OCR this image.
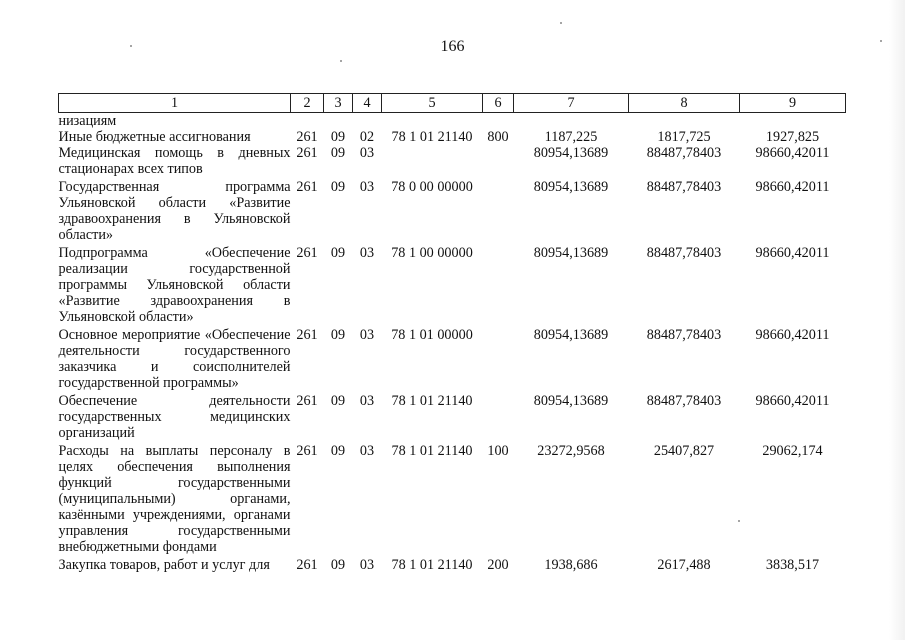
166
1	2	3	4	5	6	7	8	9
низациям								
Иные бюджетные ассигнования	261	09	02	78 1 01 21140	800	1187,225	1817,725	1927,825
Медицинская помощь в дневных стационарах всех типов	261	09	03			80954,13689	88487,78403	98660,42011
Государственная программа Ульяновской области «Развитие здравоохранения в Ульяновской области»	261	09	03	78 0 00 00000		80954,13689	88487,78403	98660,42011
Подпрограмма «Обеспечение реализации государственной программы Ульяновской области «Развитие здравоохранения в Ульяновской области»	261	09	03	78 1 00 00000		80954,13689	88487,78403	98660,42011
Основное мероприятие «Обеспечение деятельности государственного заказчика и соисполнителей государственной программы»	261	09	03	78 1 01 00000		80954,13689	88487,78403	98660,42011
Обеспечение деятельности государственных медицинских организаций	261	09	03	78 1 01 21140		80954,13689	88487,78403	98660,42011
Расходы на выплаты персоналу в целях обеспечения выполнения функций государственными (муниципальными) органами, казёнными учреждениями, органами управления государственными внебюджетными фондами	261	09	03	78 1 01 21140	100	23272,9568	25407,827	29062,174
Закупка товаров, работ и услуг для	261	09	03	78 1 01 21140	200	1938,686	2617,488	3838,517
